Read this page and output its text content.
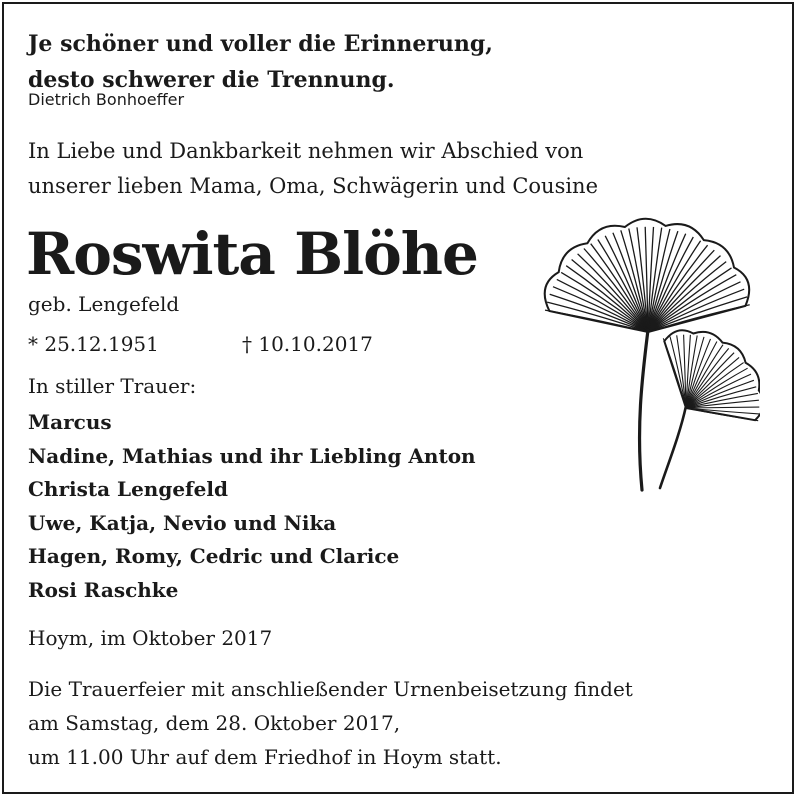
Je schöner und voller die Erinnerung,
desto schwerer die Trennung.
Dietrich Bonhoeffer
In Liebe und Dankbarkeit nehmen wir Abschied von
unserer lieben Mama, Oma, Schwägerin und Cousine
Roswita Blöhe
geb. Lengefeld
* 25.12.1951	† 10.10.2017
In stiller Trauer:
Marcus
Nadine, Mathias und ihr Liebling Anton
Christa Lengefeld
Uwe, Katja, Nevio und Nika
Hagen, Romy, Cedric und Clarice
Rosi Raschke
Hoym, im Oktober 2017
Die Trauerfeier mit anschließender Urnenbeisetzung findet
am Samstag, dem 28. Oktober 2017,
um 11.00 Uhr auf dem Friedhof in Hoym statt.
